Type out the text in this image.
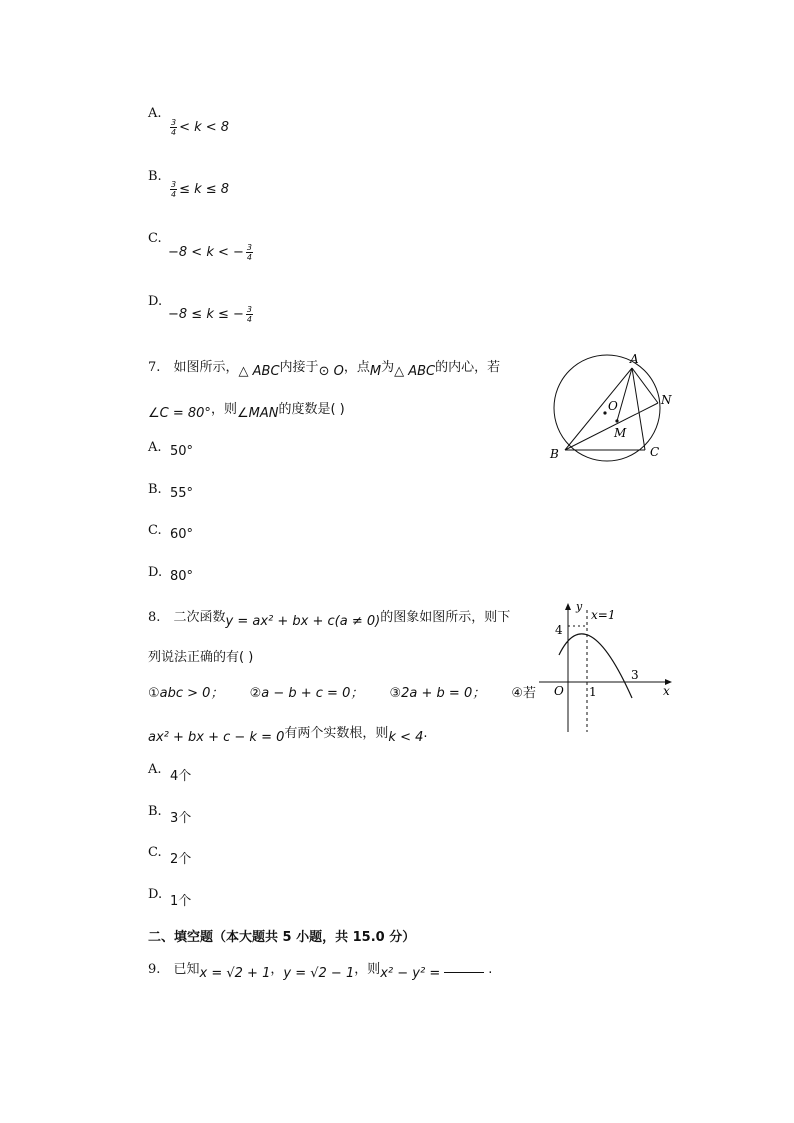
A.
$\frac{3}{4} < k < 8$
B.
$\frac{3}{4} \le k \le 8$
C.
−8 < k < − $\frac{3}{4}$
D.
−8 ≤ k ≤ − $\frac{3}{4}$
7. 如图所示，$_{\triangle ABC}$内接于$_{⊙ O}$，点$_M$为$_{\triangle ABC}$的内心，若
$_{\angle C = 80^\circ}$，则$_{\angle MAN}$的度数是( )
A
B	C
N
O
M
A. 50°
B. 55°
C. 60°
D. 80°
8. 二次函数$_{y = ax^2 + bx + c(a \ne 0)}$的图象如图所示，则下
列说法正确的有( )
①abc > 0； ②a − b + c = 0； ③2a + b = 0； ④若
$_{ax^2 + bx + c - k = 0}$有两个实数根，则$_{k < 4}$.
y
x
x=1
4
3
O 1
A. 4个
B. 3个
C. 2个
D. 1个
二、填空题（本大题共 5 小题，共 15.0 分）
9. 已知$_{x = √2 + 1}$，$_{y = √2 - 1}$，则$_{x^2 - y^2 =}$	.
